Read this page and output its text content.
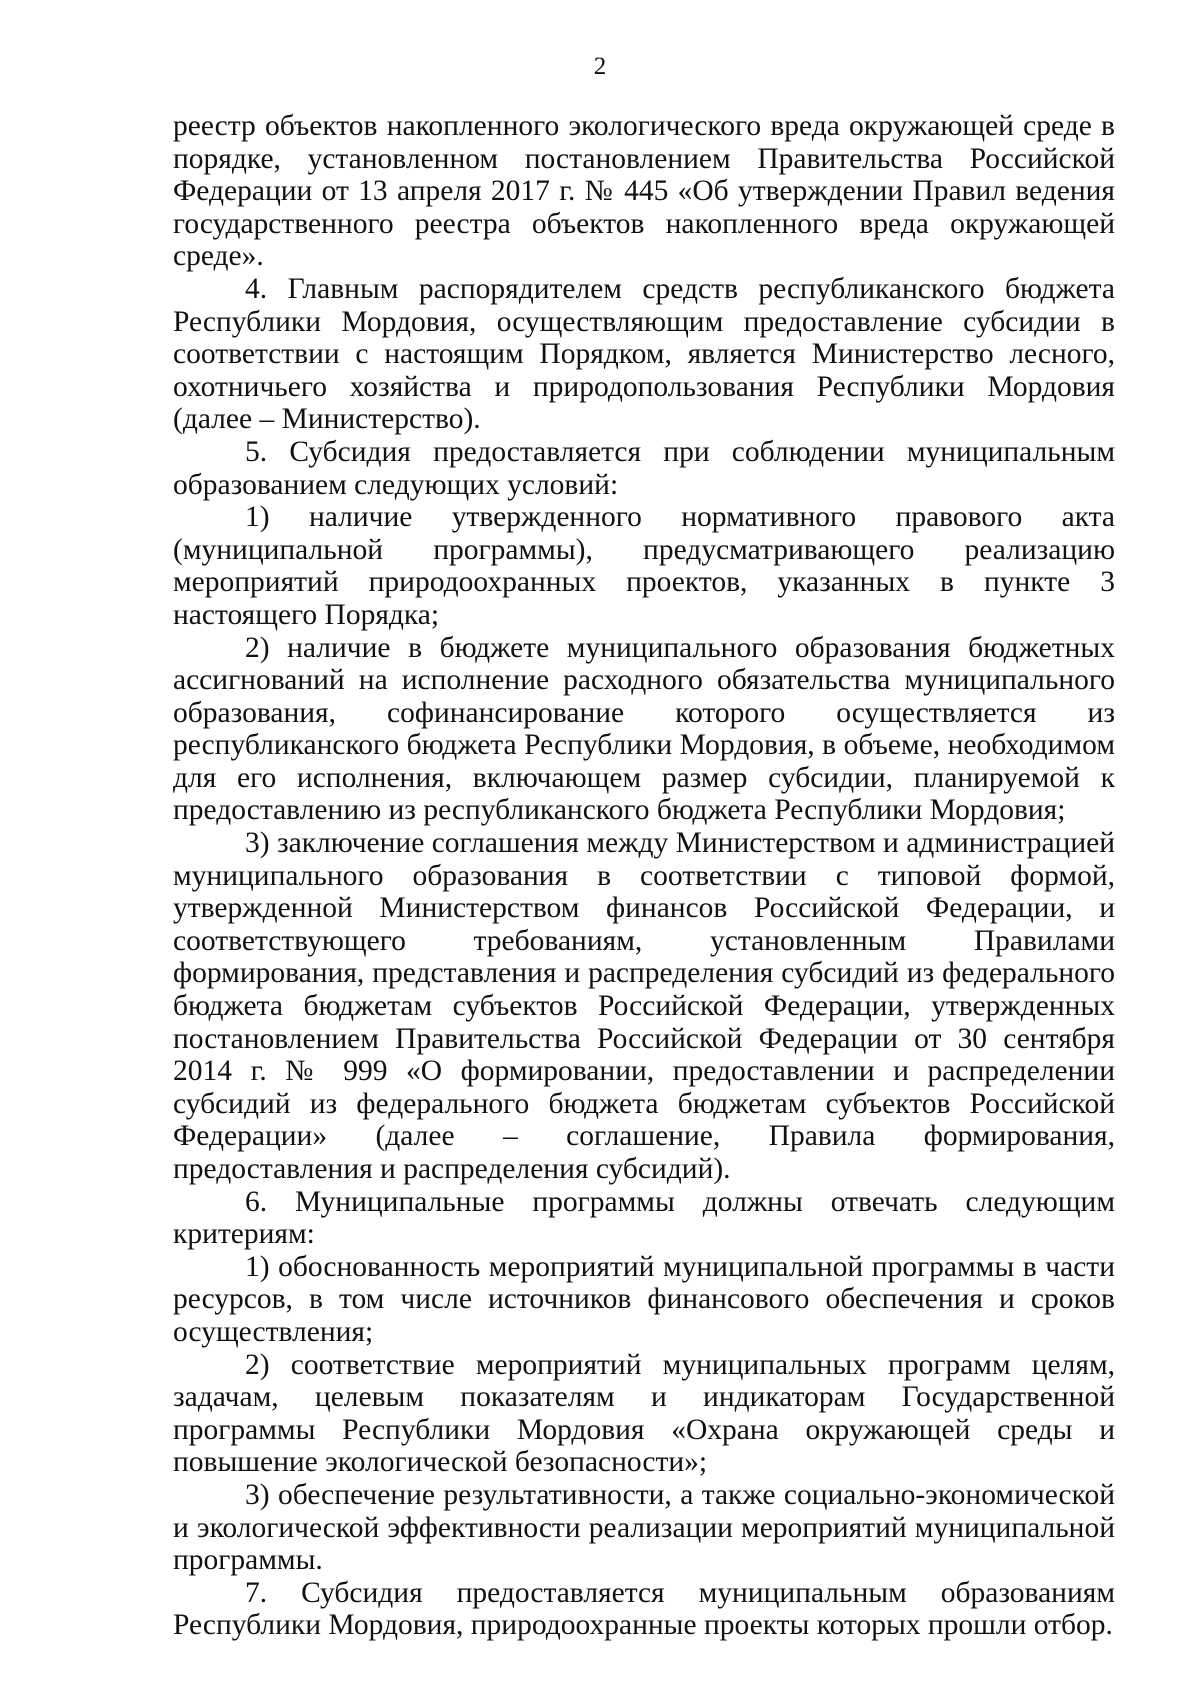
2

реестр объектов накопленного экологического вреда окружающей среде в порядке, установленном постановлением Правительства Российской Федерации от 13 апреля 2017 г. № 445 «Об утверждении Правил ведения государственного реестра объектов накопленного вреда окружающей среде».

4. Главным распорядителем средств республиканского бюджета Республики Мордовия, осуществляющим предоставление субсидии в соответствии с настоящим Порядком, является Министерство лесного, охотничьего хозяйства и природопользования Республики Мордовия (далее – Министерство).

5. Субсидия предоставляется при соблюдении муниципальным образованием следующих условий:

1) наличие утвержденного нормативного правового акта (муниципальной программы), предусматривающего реализацию мероприятий природоохранных проектов, указанных в пункте 3 настоящего Порядка;

2) наличие в бюджете муниципального образования бюджетных ассигнований на исполнение расходного обязательства муниципального образования, софинансирование которого осуществляется из республиканского бюджета Республики Мордовия, в объеме, необходимом для его исполнения, включающем размер субсидии, планируемой к предоставлению из республиканского бюджета Республики Мордовия;

3) заключение соглашения между Министерством и администрацией муниципального образования в соответствии с типовой формой, утвержденной Министерством финансов Российской Федерации, и соответствующего требованиям, установленным Правилами формирования, представления и распределения субсидий из федерального бюджета бюджетам субъектов Российской Федерации, утвержденных постановлением Правительства Российской Федерации от 30 сентября 2014 г. № 999 «О формировании, предоставлении и распределении субсидий из федерального бюджета бюджетам субъектов Российской Федерации» (далее – соглашение, Правила формирования, предоставления и распределения субсидий).

6. Муниципальные программы должны отвечать следующим критериям:

1) обоснованность мероприятий муниципальной программы в части ресурсов, в том числе источников финансового обеспечения и сроков осуществления;

2) соответствие мероприятий муниципальных программ целям, задачам, целевым показателям и индикаторам Государственной программы Республики Мордовия «Охрана окружающей среды и повышение экологической безопасности»;

3) обеспечение результативности, а также социально-экономической и экологической эффективности реализации мероприятий муниципальной программы.

7. Субсидия предоставляется муниципальным образованиям Республики Мордовия, природоохранные проекты которых прошли отбор.
